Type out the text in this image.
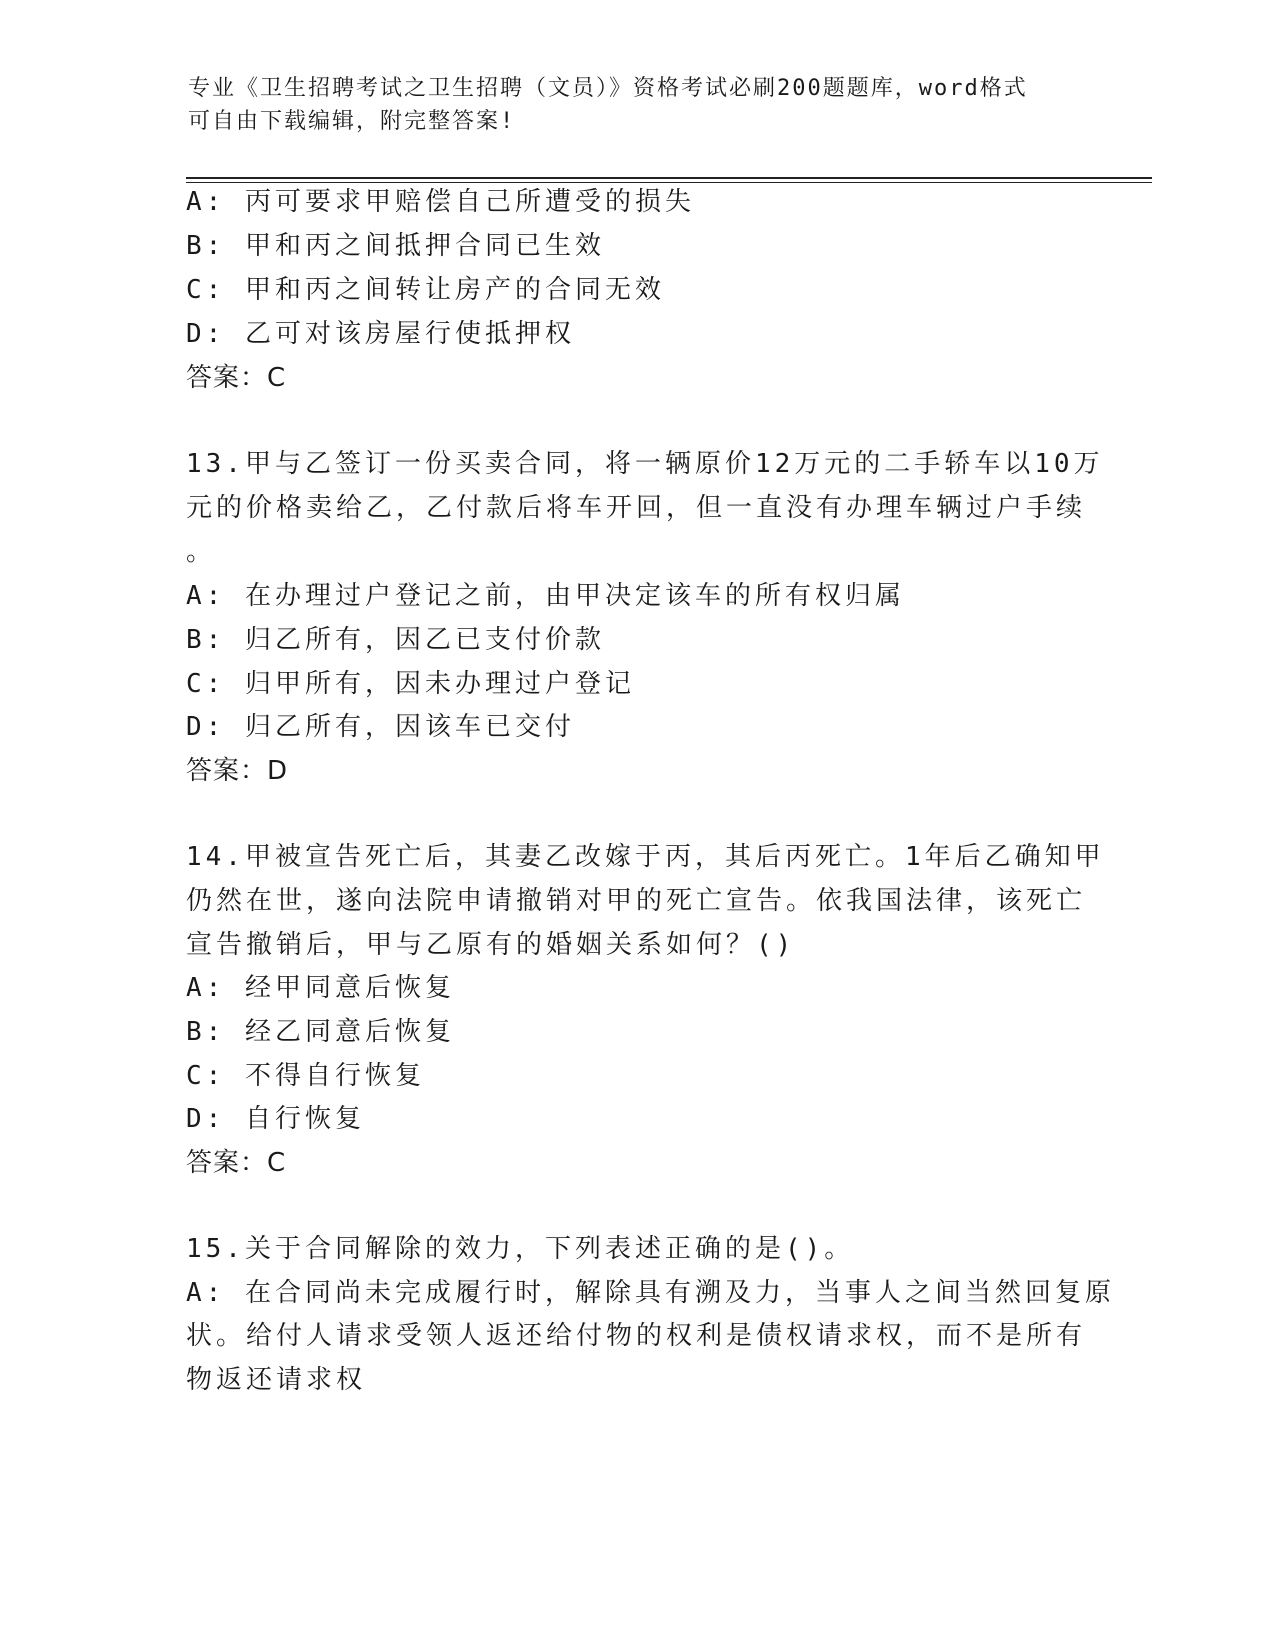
专业《卫生招聘考试之卫生招聘（文员）》资格考试必刷200题题库，word格式
可自由下载编辑，附完整答案!
A: 丙可要求甲赔偿自己所遭受的损失
B: 甲和丙之间抵押合同已生效
C: 甲和丙之间转让房产的合同无效
D: 乙可对该房屋行使抵押权
答案：C
13.甲与乙签订一份买卖合同，将一辆原价12万元的二手轿车以10万
元的价格卖给乙，乙付款后将车开回，但一直没有办理车辆过户手续
。
A: 在办理过户登记之前，由甲决定该车的所有权归属
B: 归乙所有，因乙已支付价款
C: 归甲所有，因未办理过户登记
D: 归乙所有，因该车已交付
答案：D
14.甲被宣告死亡后，其妻乙改嫁于丙，其后丙死亡。1年后乙确知甲
仍然在世，遂向法院申请撤销对甲的死亡宣告。依我国法律，该死亡
宣告撤销后，甲与乙原有的婚姻关系如何？()
A: 经甲同意后恢复
B: 经乙同意后恢复
C: 不得自行恢复
D: 自行恢复
答案：C
15.关于合同解除的效力，下列表述正确的是()。
A: 在合同尚未完成履行时，解除具有溯及力，当事人之间当然回复原
状。给付人请求受领人返还给付物的权利是债权请求权，而不是所有
物返还请求权
